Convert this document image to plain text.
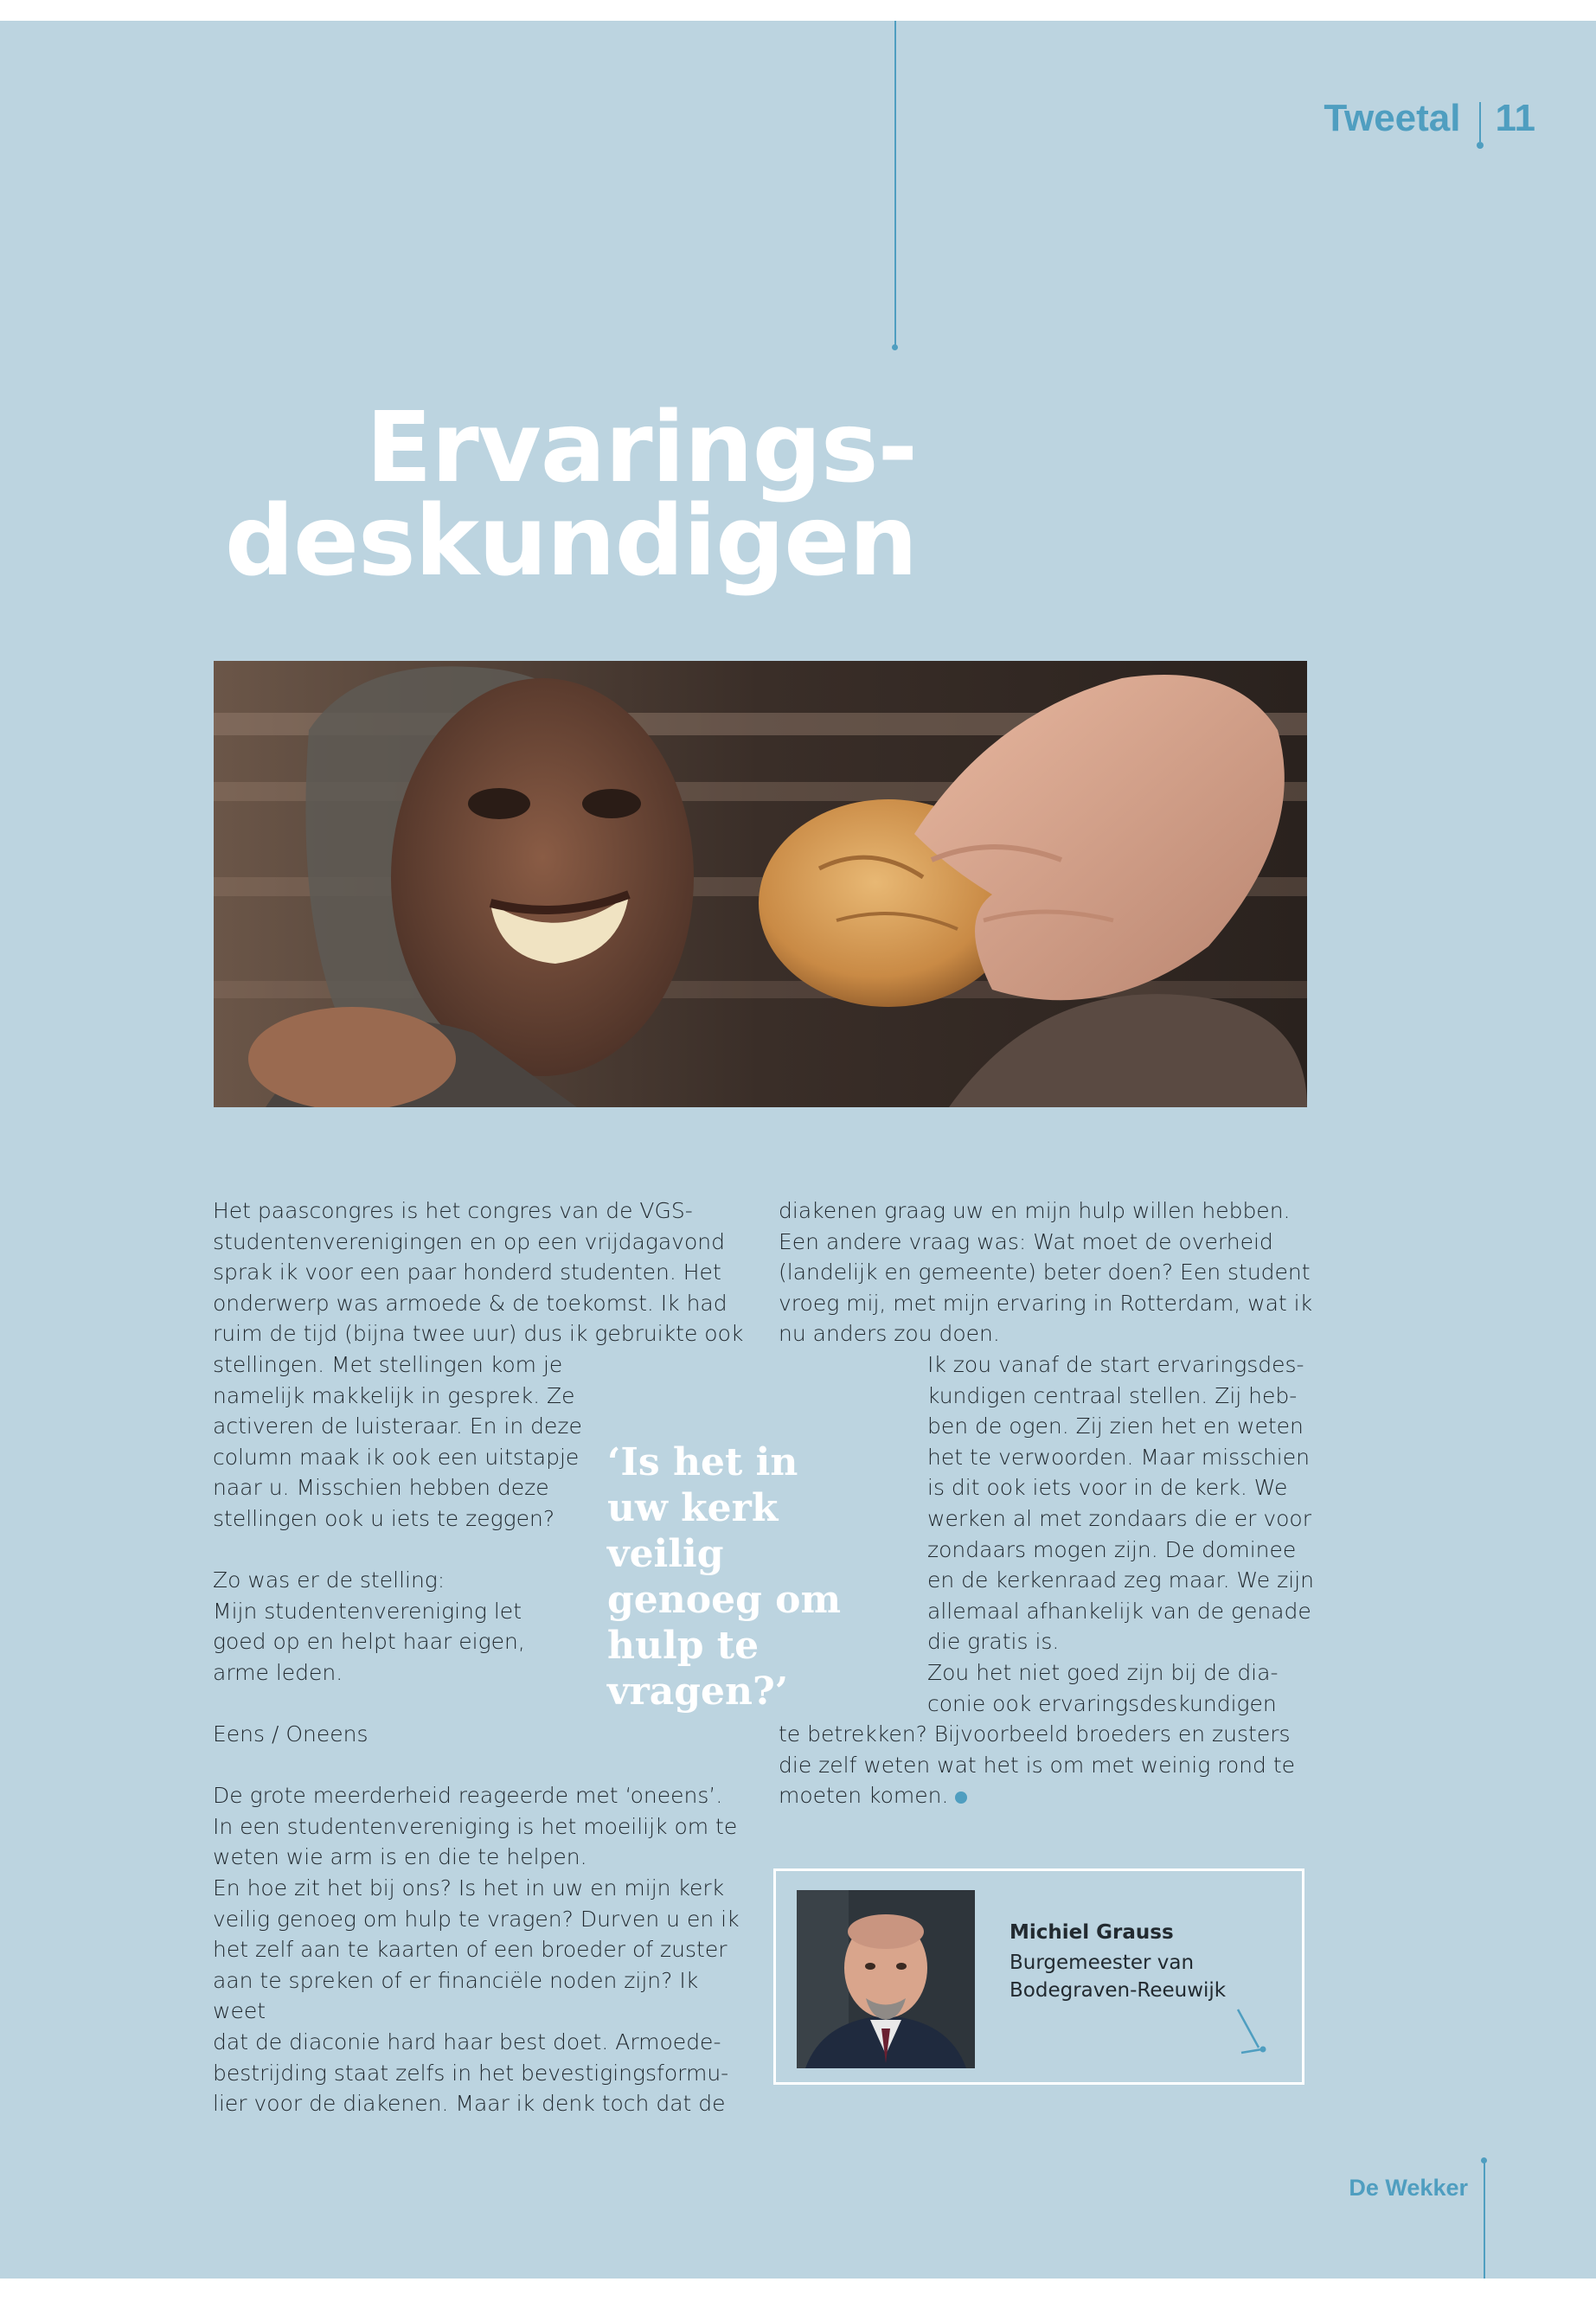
Tweetal 11
Ervarings-
deskundigen

Het paascongres is het congres van de VGS-
studentenverenigingen en op een vrijdagavond
sprak ik voor een paar honderd studenten. Het
onderwerp was armoede & de toekomst. Ik had
ruim de tijd (bijna twee uur) dus ik gebruikte ook
stellingen. Met stellingen kom je
namelijk makkelijk in gesprek. Ze
activeren de luisteraar. En in deze
column maak ik ook een uitstapje
naar u. Misschien hebben deze
stellingen ook u iets te zeggen?

Zo was er de stelling:
Mijn studentenvereniging let
goed op en helpt haar eigen,
arme leden.

Eens / Oneens

De grote meerderheid reageerde met ‘oneens’.
In een studentenvereniging is het moeilijk om te
weten wie arm is en die te helpen.
En hoe zit het bij ons? Is het in uw en mijn kerk
veilig genoeg om hulp te vragen? Durven u en ik
het zelf aan te kaarten of een broeder of zuster
aan te spreken of er financiële noden zijn? Ik weet
dat de diaconie hard haar best doet. Armoede-
bestrijding staat zelfs in het bevestigingsformu-
lier voor de diakenen. Maar ik denk toch dat de

‘Is het in uw kerk veilig genoeg om hulp te vragen?’

diakenen graag uw en mijn hulp willen hebben.
Een andere vraag was: Wat moet de overheid
(landelijk en gemeente) beter doen? Een student
vroeg mij, met mijn ervaring in Rotterdam, wat ik
nu anders zou doen.

Ik zou vanaf de start ervaringsdes-
kundigen centraal stellen. Zij heb-
ben de ogen. Zij zien het en weten
het te verwoorden. Maar misschien
is dit ook iets voor in de kerk. We
werken al met zondaars die er voor
zondaars mogen zijn. De dominee
en de kerkenraad zeg maar. We zijn
allemaal afhankelijk van de genade
die gratis is.
Zou het niet goed zijn bij de dia-
conie ook ervaringsdeskundigen

te betrekken? Bijvoorbeeld broeders en zusters
die zelf weten wat het is om met weinig rond te
moeten komen.

Michiel Grauss
Burgemeester van
Bodegraven-Reeuwijk
De Wekker
